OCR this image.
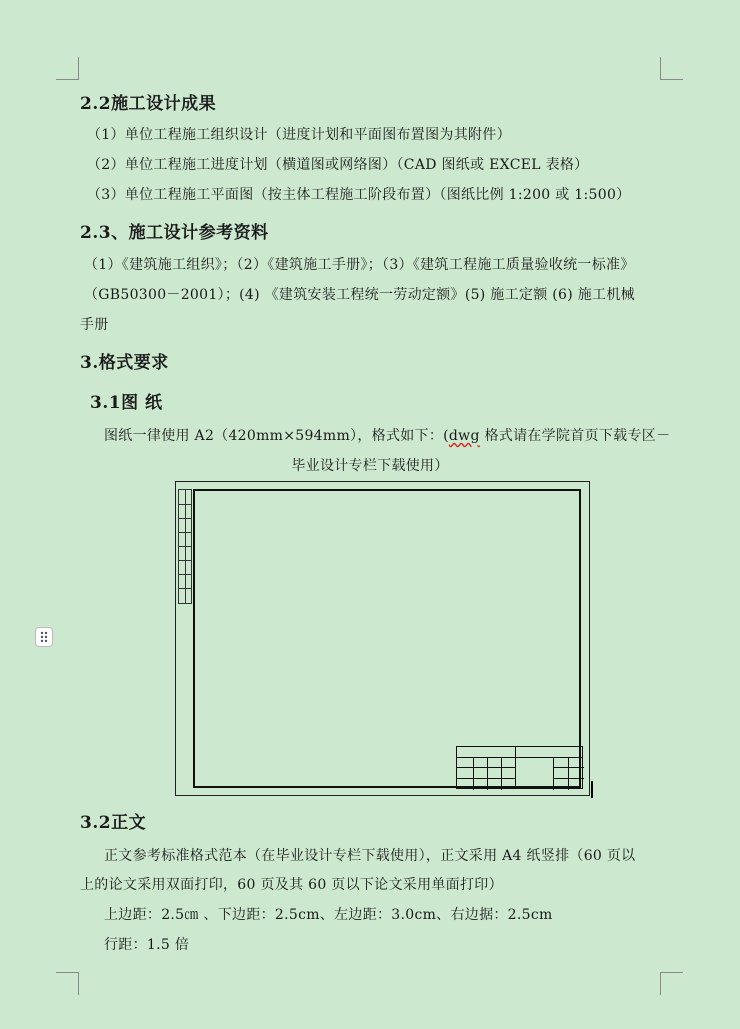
2.2施工设计成果
（1）单位工程施工组织设计（进度计划和平面图布置图为其附件）
（2）单位工程施工进度计划（横道图或网络图）（CAD 图纸或 EXCEL 表格）
（3）单位工程施工平面图（按主体工程施工阶段布置）（图纸比例 1:200 或 1:500）
2.3、施工设计参考资料
（1）《建筑施工组织》；（2）《建筑施工手册》；（3）《建筑工程施工质量验收统一标准》
（GB50300－2001）；(4) 《建筑安装工程统一劳动定额》(5) 施工定额 (6) 施工机械
手册
3.格式要求
3.1图 纸
图纸一律使用 A2（420mm×594mm），格式如下：(dwg 格式请在学院首页下载专区－
毕业设计专栏下载使用）
3.2正文
正文参考标准格式范本（在毕业设计专栏下载使用），正文采用 A4 纸竖排（60 页以
上的论文采用双面打印，60 页及其 60 页以下论文采用单面打印）
上边距：2.5㎝ 、下边距：2.5cm、左边距：3.0cm、右边据：2.5cm
行距：1.5 倍
